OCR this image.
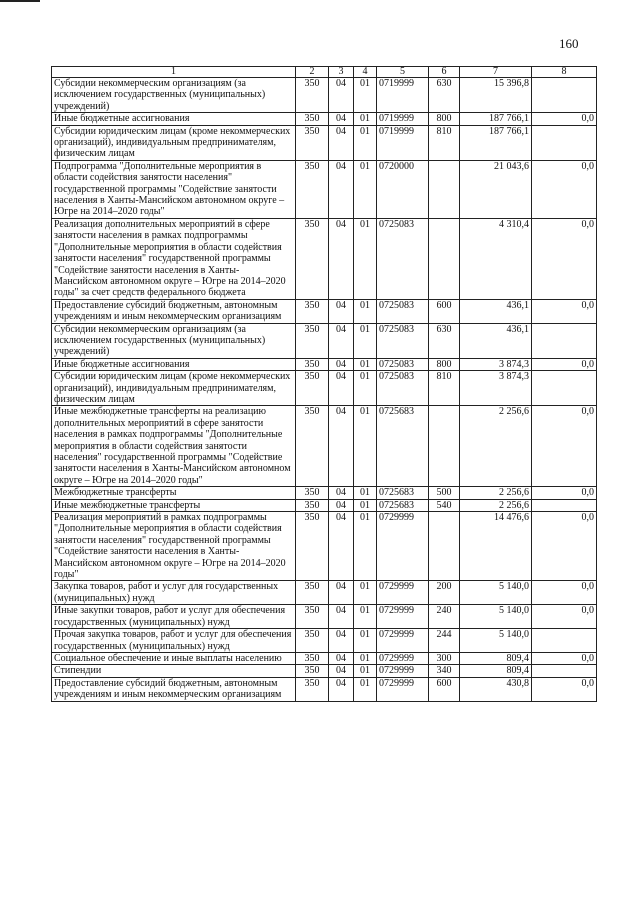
160
1	2	3	4	5	6	7	8
Субсидии некоммерческим организациям (за исключением государственных (муниципальных) учреждений)	350	04	01	0719999	630	15 396,8	
Иные бюджетные ассигнования	350	04	01	0719999	800	187 766,1	0,0
Субсидии юридическим лицам (кроме некоммерческих организаций), индивидуальным предпринимателям, физическим лицам	350	04	01	0719999	810	187 766,1	
Подпрограмма "Дополнительные мероприятия в области содействия занятости населения" государственной программы "Содействие занятости населения в Ханты-Мансийском автономном округе – Югре на 2014–2020 годы"	350	04	01	0720000		21 043,6	0,0
Реализация дополнительных мероприятий в сфере занятости населения в рамках подпрограммы "Дополнительные мероприятия в области содействия занятости населения" государственной программы "Содействие занятости населения в Ханты-Мансийском автономном округе – Югре на 2014–2020 годы" за счет средств федерального бюджета	350	04	01	0725083		4 310,4	0,0
Предоставление субсидий бюджетным, автономным учреждениям и иным некоммерческим организациям	350	04	01	0725083	600	436,1	0,0
Субсидии некоммерческим организациям (за исключением государственных (муниципальных) учреждений)	350	04	01	0725083	630	436,1	
Иные бюджетные ассигнования	350	04	01	0725083	800	3 874,3	0,0
Субсидии юридическим лицам (кроме некоммерческих организаций), индивидуальным предпринимателям, физическим лицам	350	04	01	0725083	810	3 874,3	
Иные межбюджетные трансферты на реализацию дополнительных мероприятий в сфере занятости населения в рамках подпрограммы "Дополнительные мероприятия в области содействия занятости населения" государственной программы "Содействие занятости населения в Ханты-Мансийском автономном округе – Югре на 2014–2020 годы"	350	04	01	0725683		2 256,6	0,0
Межбюджетные трансферты	350	04	01	0725683	500	2 256,6	0,0
Иные межбюджетные трансферты	350	04	01	0725683	540	2 256,6	
Реализация мероприятий в рамках подпрограммы "Дополнительные мероприятия в области содействия занятости населения" государственной программы "Содействие занятости населения в Ханты-Мансийском автономном округе – Югре на 2014–2020 годы"	350	04	01	0729999		14 476,6	0,0
Закупка товаров, работ и услуг для государственных (муниципальных) нужд	350	04	01	0729999	200	5 140,0	0,0
Иные закупки товаров, работ и услуг для обеспечения государственных (муниципальных) нужд	350	04	01	0729999	240	5 140,0	0,0
Прочая закупка товаров, работ и услуг для обеспечения государственных (муниципальных) нужд	350	04	01	0729999	244	5 140,0	
Социальное обеспечение и иные выплаты населению	350	04	01	0729999	300	809,4	0,0
Стипендии	350	04	01	0729999	340	809,4	
Предоставление субсидий бюджетным, автономным учреждениям и иным некоммерческим организациям	350	04	01	0729999	600	430,8	0,0
